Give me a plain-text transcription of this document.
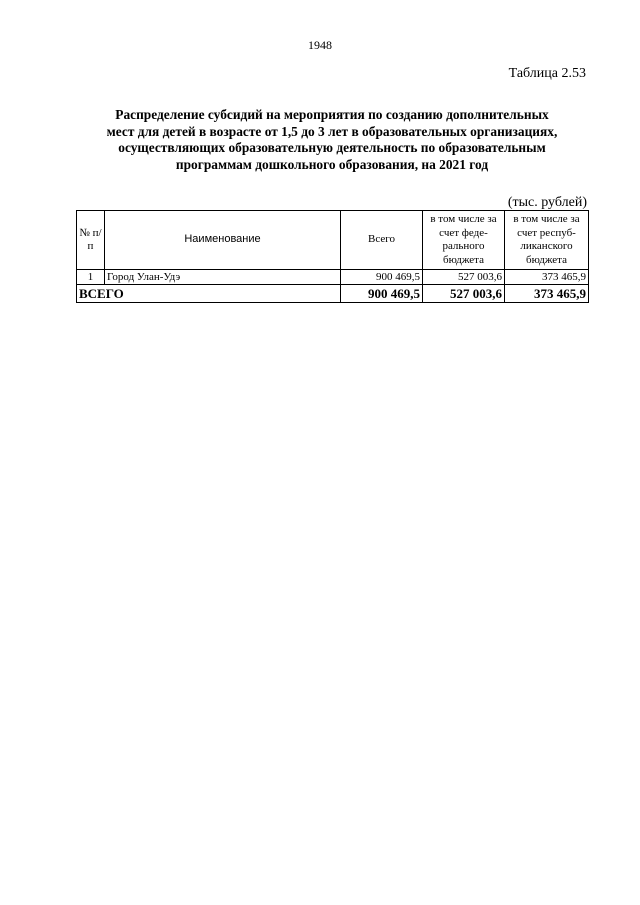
1948
Таблица 2.53
Распределение субсидий на мероприятия по созданию дополнительных
мест для детей в возрасте от 1,5 до 3 лет в образовательных организациях,
осуществляющих образовательную деятельность по образовательным
программам дошкольного образования, на 2021 год
(тыс. рублей)
№ п/п	Наименование	Всего	в том числе за счет феде-рального бюджета	в том числе за счет респуб-ликанского бюджета
1	Город Улан-Удэ	900 469,5	527 003,6	373 465,9
ВСЕГО		900 469,5	527 003,6	373 465,9
